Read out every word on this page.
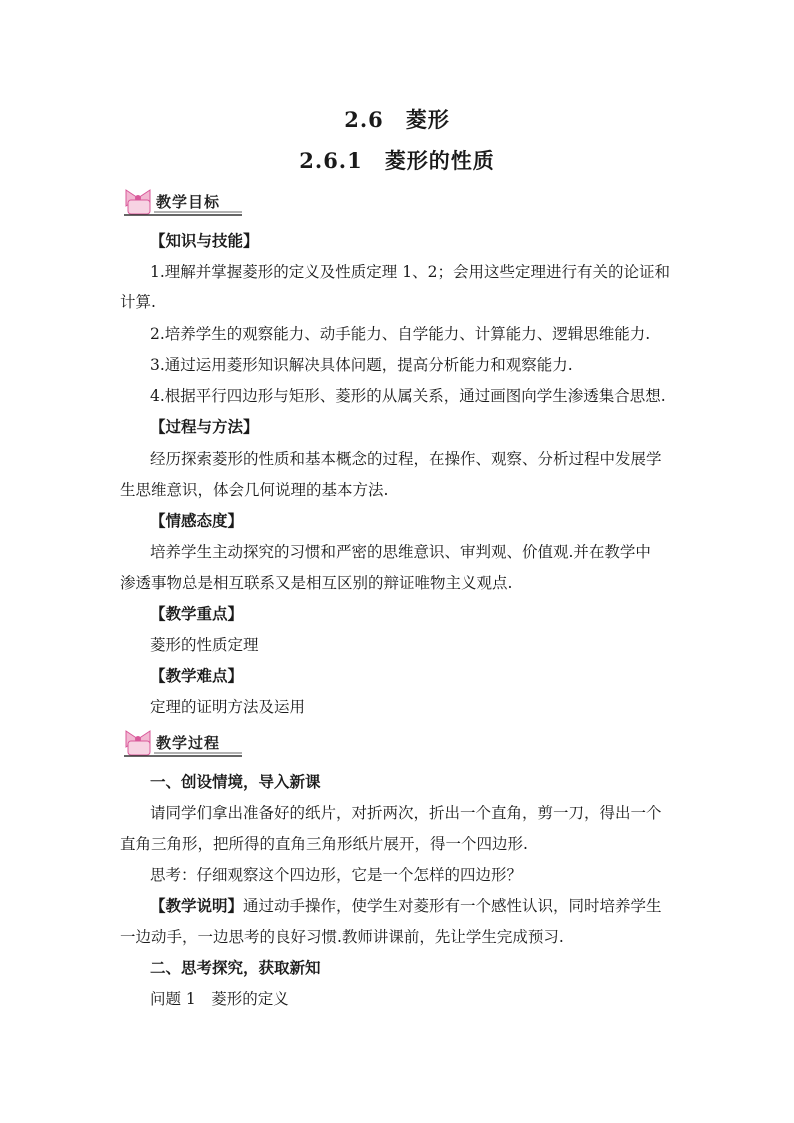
2.6　菱形
2.6.1　菱形的性质
教学目标
【知识与技能】
1.理解并掌握菱形的定义及性质定理 1、2；会用这些定理进行有关的论证和
计算.
2.培养学生的观察能力、动手能力、自学能力、计算能力、逻辑思维能力.
3.通过运用菱形知识解决具体问题，提高分析能力和观察能力.
4.根据平行四边形与矩形、菱形的从属关系，通过画图向学生渗透集合思想.
【过程与方法】
经历探索菱形的性质和基本概念的过程，在操作、观察、分析过程中发展学
生思维意识，体会几何说理的基本方法.
【情感态度】
培养学生主动探究的习惯和严密的思维意识、审判观、价值观.并在教学中
渗透事物总是相互联系又是相互区别的辩证唯物主义观点.
【教学重点】
菱形的性质定理
【教学难点】
定理的证明方法及运用
教学过程
一、创设情境，导入新课
请同学们拿出准备好的纸片，对折两次，折出一个直角，剪一刀，得出一个
直角三角形，把所得的直角三角形纸片展开，得一个四边形.
思考：仔细观察这个四边形，它是一个怎样的四边形？
【教学说明】通过动手操作，使学生对菱形有一个感性认识，同时培养学生
一边动手，一边思考的良好习惯.教师讲课前，先让学生完成预习.
二、思考探究，获取新知
问题 1　菱形的定义
